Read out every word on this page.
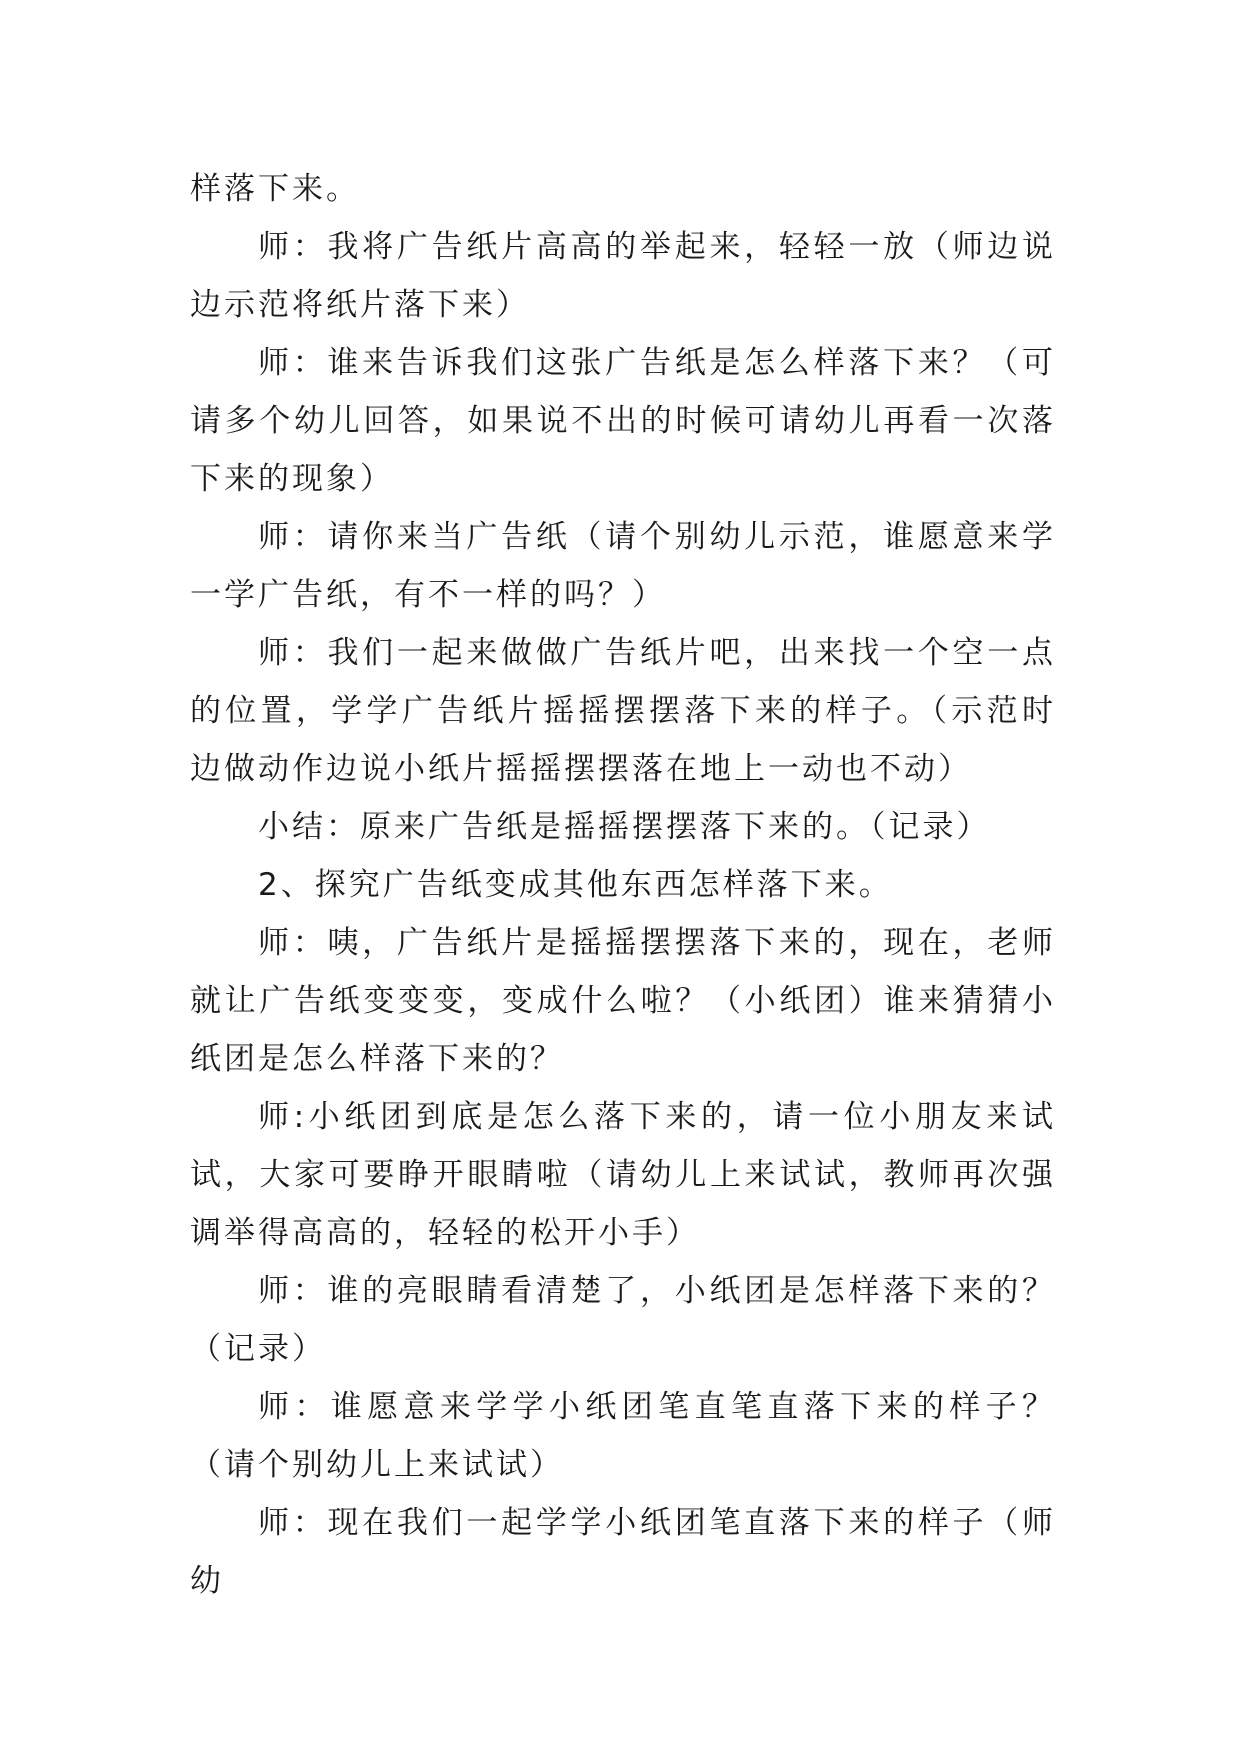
样落下来。

师：我将广告纸片高高的举起来，轻轻一放（师边说边示范将纸片落下来）

师：谁来告诉我们这张广告纸是怎么样落下来？（可请多个幼儿回答，如果说不出的时候可请幼儿再看一次落下来的现象）

师：请你来当广告纸（请个别幼儿示范，谁愿意来学一学广告纸，有不一样的吗？）

师：我们一起来做做广告纸片吧，出来找一个空一点的位置，学学广告纸片摇摇摆摆落下来的样子。（示范时边做动作边说小纸片摇摇摆摆落在地上一动也不动）

小结：原来广告纸是摇摇摆摆落下来的。（记录）

2、探究广告纸变成其他东西怎样落下来。

师：咦，广告纸片是摇摇摆摆落下来的，现在，老师就让广告纸变变变，变成什么啦？（小纸团）谁来猜猜小纸团是怎么样落下来的？

师:小纸团到底是怎么落下来的，请一位小朋友来试试，大家可要睁开眼睛啦（请幼儿上来试试，教师再次强调举得高高的，轻轻的松开小手）

师：谁的亮眼睛看清楚了，小纸团是怎样落下来的？（记录）

师：谁愿意来学学小纸团笔直笔直落下来的样子？（请个别幼儿上来试试）

师：现在我们一起学学小纸团笔直落下来的样子（师幼
